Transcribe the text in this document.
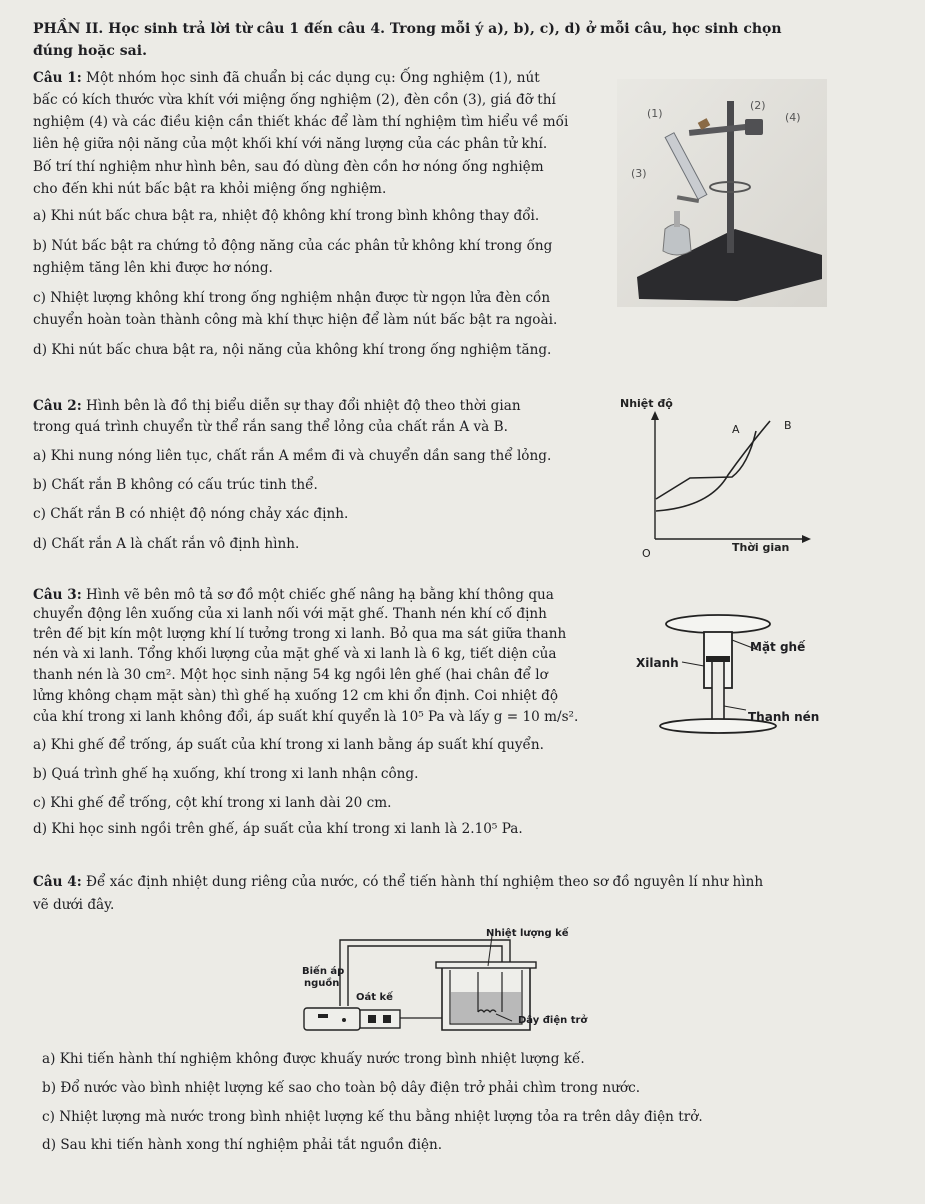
PHẦN II. Học sinh trả lời từ câu 1 đến câu 4. Trong mỗi ý a), b), c), d) ở mỗi câu, học sinh chọn
đúng hoặc sai.
Câu 1: Một nhóm học sinh đã chuẩn bị các dụng cụ: Ống nghiệm (1), nút
bấc có kích thước vừa khít với miệng ống nghiệm (2), đèn cồn (3), giá đỡ thí
nghiệm (4) và các điều kiện cần thiết khác để làm thí nghiệm tìm hiểu về mối
liên hệ giữa nội năng của một khối khí với năng lượng của các phân tử khí.
Bố trí thí nghiệm như hình bên, sau đó dùng đèn cồn hơ nóng ống nghiệm
cho đến khi nút bấc bật ra khỏi miệng ống nghiệm.
a) Khi nút bấc chưa bật ra, nhiệt độ không khí trong bình không thay đổi.
b) Nút bấc bật ra chứng tỏ động năng của các phân tử không khí trong ống
nghiệm tăng lên khi được hơ nóng.
c) Nhiệt lượng không khí trong ống nghiệm nhận được từ ngọn lửa đèn cồn
chuyển hoàn toàn thành công mà khí thực hiện để làm nút bấc bật ra ngoài.
d) Khi nút bấc chưa bật ra, nội năng của không khí trong ống nghiệm tăng.
(1)
(2)
(3)
(4)
Câu 2: Hình bên là đồ thị biểu diễn sự thay đổi nhiệt độ theo thời gian
trong quá trình chuyển từ thể rắn sang thể lỏng của chất rắn A và B.
a) Khi nung nóng liên tục, chất rắn A mềm đi và chuyển dần sang thể lỏng.
b) Chất rắn B không có cấu trúc tinh thể.
c) Chất rắn B có nhiệt độ nóng chảy xác định.
d) Chất rắn A là chất rắn vô định hình.
Nhiệt độ
Thời gian
O
A	B
Câu 3: Hình vẽ bên mô tả sơ đồ một chiếc ghế nâng hạ bằng khí thông qua
chuyển động lên xuống của xi lanh nối với mặt ghế. Thanh nén khí cố định
trên đế bịt kín một lượng khí lí tưởng trong xi lanh. Bỏ qua ma sát giữa thanh
nén và xi lanh. Tổng khối lượng của mặt ghế và xi lanh là 6 kg, tiết diện của
thanh nén là 30 cm². Một học sinh nặng 54 kg ngồi lên ghế (hai chân để lơ
lửng không chạm mặt sàn) thì ghế hạ xuống 12 cm khi ổn định. Coi nhiệt độ
của khí trong xi lanh không đổi, áp suất khí quyển là 10⁵ Pa và lấy g = 10 m/s².
a) Khi ghế để trống, áp suất của khí trong xi lanh bằng áp suất khí quyển.
b) Quá trình ghế hạ xuống, khí trong xi lanh nhận công.
c) Khi ghế để trống, cột khí trong xi lanh dài 20 cm.
d) Khi học sinh ngồi trên ghế, áp suất của khí trong xi lanh là 2.10⁵ Pa.
Xilanh
Mặt ghế
Thanh nén
Câu 4: Để xác định nhiệt dung riêng của nước, có thể tiến hành thí nghiệm theo sơ đồ nguyên lí như hình
vẽ dưới đây.
Nhiệt lượng kế
Biến áp
nguồn
Oát kế
Dây điện trở
a) Khi tiến hành thí nghiệm không được khuấy nước trong bình nhiệt lượng kế.
b) Đổ nước vào bình nhiệt lượng kế sao cho toàn bộ dây điện trở phải chìm trong nước.
c) Nhiệt lượng mà nước trong bình nhiệt lượng kế thu bằng nhiệt lượng tỏa ra trên dây điện trở.
d) Sau khi tiến hành xong thí nghiệm phải tắt nguồn điện.
